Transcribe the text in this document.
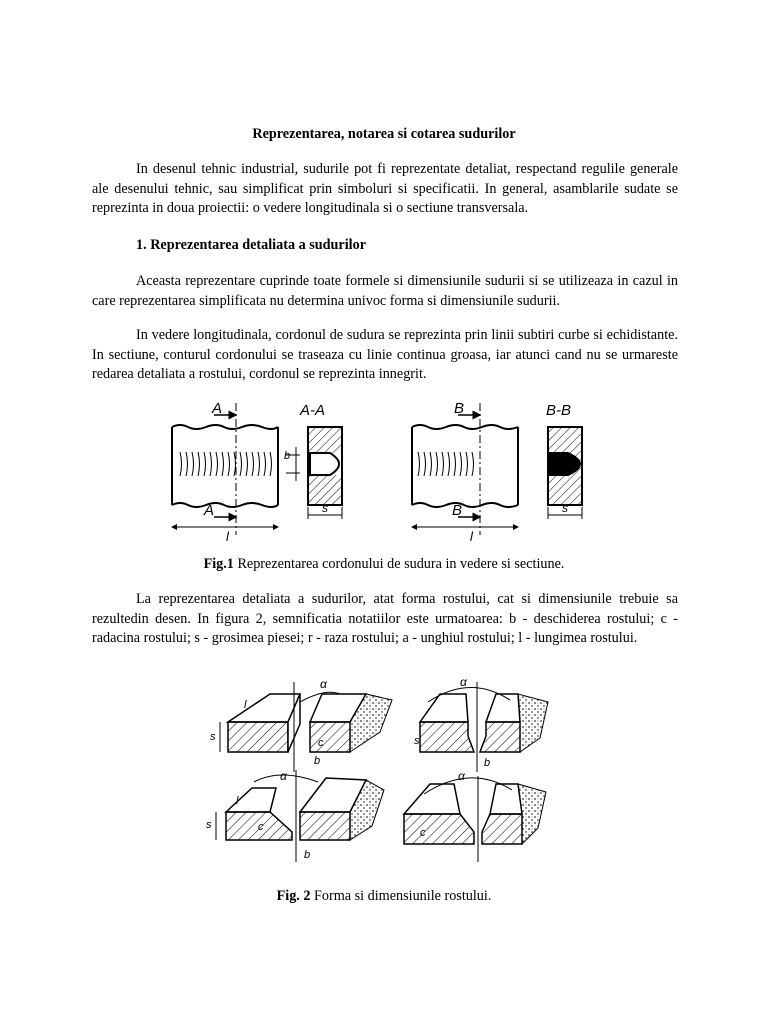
Reprezentarea, notarea si cotarea sudurilor
In desenul tehnic industrial, sudurile pot fi reprezentate detaliat, respectand regulile generale ale desenului tehnic, sau simplificat prin simboluri si specificatii. In general, asamblarile sudate se reprezinta in doua proiectii: o vedere longitudinala si o sectiune transversala.
1. Reprezentarea detaliata a sudurilor
Aceasta reprezentare cuprinde toate formele si dimensiunile sudurii si se utilizeaza in cazul in care reprezentarea simplificata nu determina univoc forma si dimensiunile sudurii.
In vedere longitudinala, cordonul de sudura se reprezinta prin linii subtiri curbe si echidistante. In sectiune, conturul cordonului se traseaza cu linie continua groasa, iar atunci cand nu se urmareste redarea detaliata a rostului, cordonul se reprezinta innegrit.
A
A
l
b
s
A-A	B
B
l
s
B-B
Fig.1 Reprezentarea cordonului de sudura in vedere si sectiune.
La reprezentarea detaliata a sudurilor, atat forma rostului, cat si dimensiunile trebuie sa rezultedin desen. In figura 2, semnificatia notatiilor este urmatoarea: b - deschiderea rostului; c -radacina rostului; s - grosimea piesei; r - raza rostului; a - unghiul rostului; l - lungimea rostului.
α
s
b
c
l
α
s
b
α
s
b
c
l
α
c
Fig. 2 Forma si dimensiunile rostului.
